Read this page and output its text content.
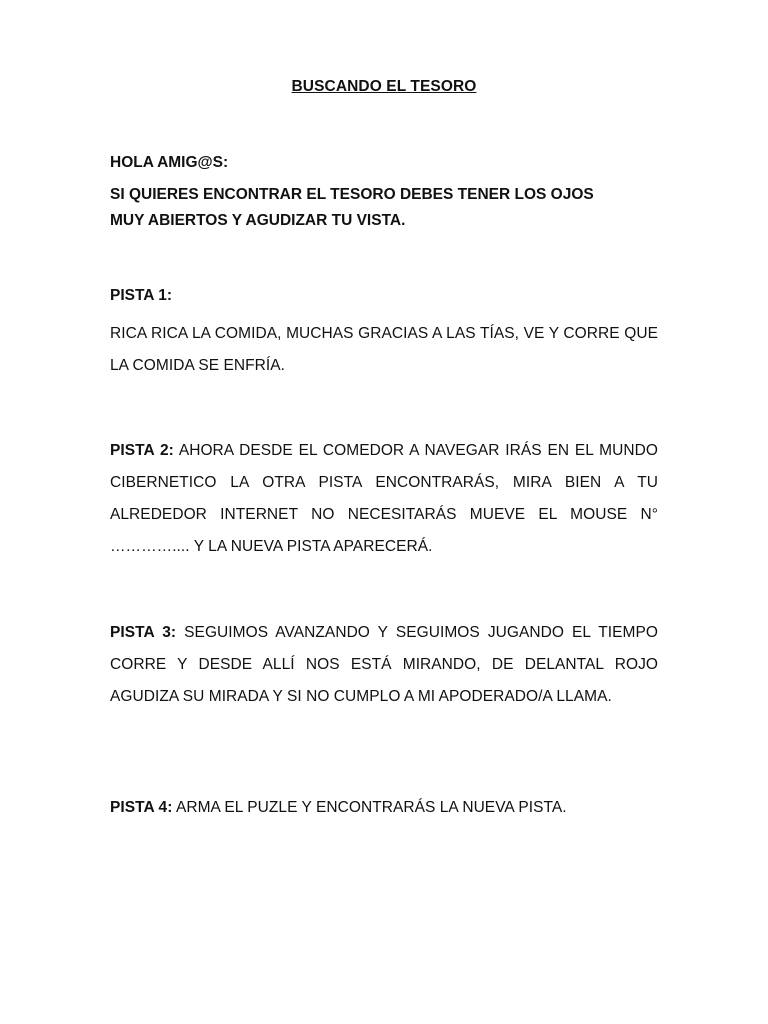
BUSCANDO EL TESORO
HOLA AMIG@S:
SI QUIERES ENCONTRAR EL TESORO DEBES TENER LOS OJOS
MUY ABIERTOS Y AGUDIZAR TU VISTA.
PISTA 1:
RICA RICA LA COMIDA, MUCHAS GRACIAS A LAS TÍAS, VE Y CORRE QUE LA COMIDA SE ENFRÍA.
PISTA 2: AHORA DESDE EL COMEDOR A NAVEGAR IRÁS EN EL MUNDO CIBERNETICO LA OTRA PISTA ENCONTRARÁS, MIRA BIEN A TU ALREDEDOR INTERNET NO NECESITARÁS MUEVE EL MOUSE N° ………….... Y LA NUEVA PISTA APARECERÁ.
PISTA 3: SEGUIMOS AVANZANDO Y SEGUIMOS JUGANDO EL TIEMPO CORRE Y DESDE ALLÍ NOS ESTÁ MIRANDO, DE DELANTAL ROJO AGUDIZA SU MIRADA Y SI NO CUMPLO A MI APODERADO/A LLAMA.
PISTA 4: ARMA EL PUZLE Y ENCONTRARÁS LA NUEVA PISTA.
